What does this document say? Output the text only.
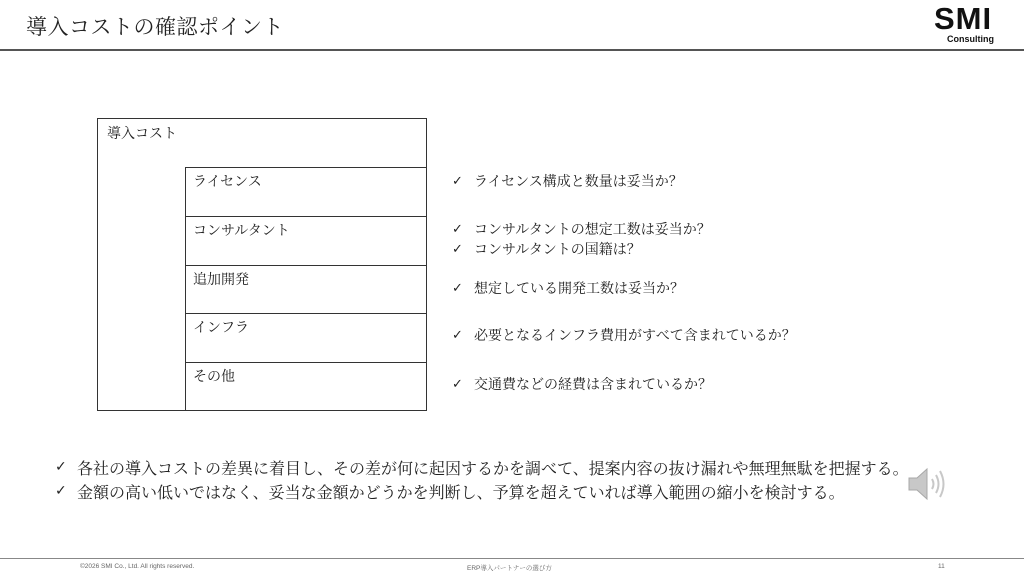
導入コストの確認ポイント	SMI
Consulting
導入コスト
ライセンス
コンサルタント
追加開発
インフラ
その他
✓ ライセンス構成と数量は妥当か？
✓ コンサルタントの想定工数は妥当か？
✓ コンサルタントの国籍は？
✓ 想定している開発工数は妥当か？
✓ 必要となるインフラ費用がすべて含まれているか？
✓ 交通費などの経費は含まれているか？
✓ 各社の導入コストの差異に着目し、その差が何に起因するかを調べて、提案内容の抜け漏れや無理無駄を把握する。
✓ 金額の高い低いではなく、妥当な金額かどうかを判断し、予算を超えていれば導入範囲の縮小を検討する。
©2026 SMI Co., Ltd. All rights reserved.	ERP導入パートナーの選び方	11
